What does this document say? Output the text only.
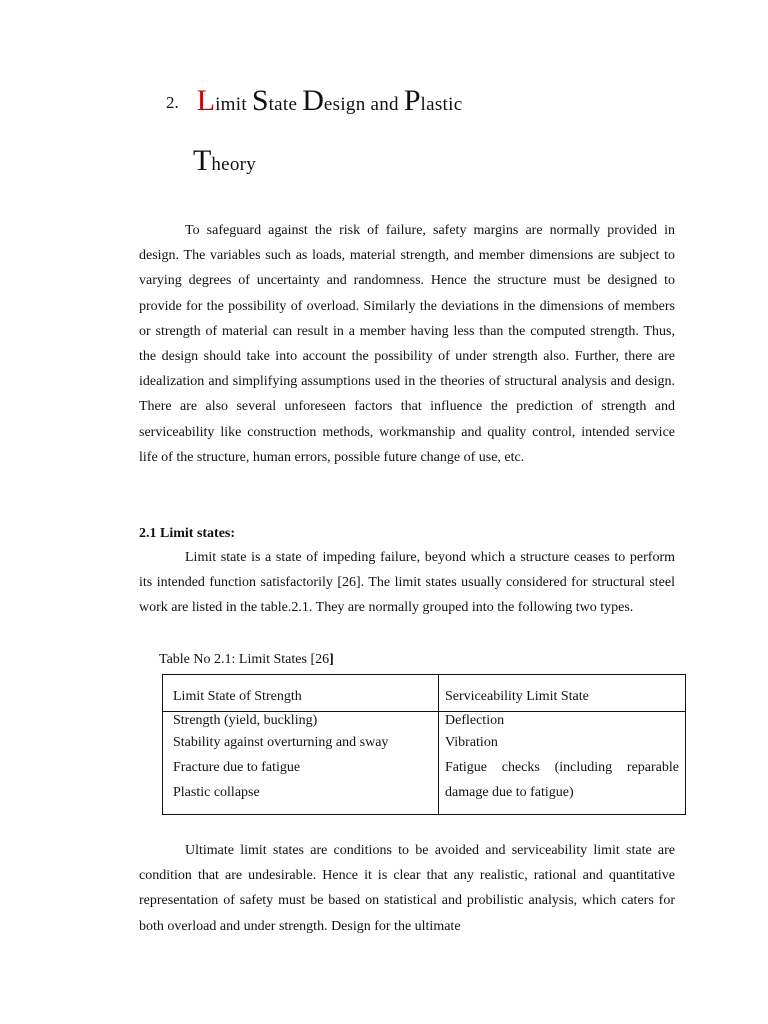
2. Limit State Design and Plastic
Theory

To safeguard against the risk of failure, safety margins are normally provided in design. The variables such as loads, material strength, and member dimensions are subject to varying degrees of uncertainty and randomness. Hence the structure must be designed to provide for the possibility of overload. Similarly the deviations in the dimensions of members or strength of material can result in a member having less than the computed strength. Thus, the design should take into account the possibility of under strength also. Further, there are idealization and simplifying assumptions used in the theories of structural analysis and design. There are also several unforeseen factors that influence the prediction of strength and serviceability like construction methods, workmanship and quality control, intended service life of the structure, human errors, possible future change of use, etc.

2.1 Limit states:

Limit state is a state of impeding failure, beyond which a structure ceases to perform its intended function satisfactorily [26]. The limit states usually considered for structural steel work are listed in the table.2.1. They are normally grouped into the following two types.

Table No 2.1: Limit States [26]
Limit State of Strength
Strength (yield, buckling)
Stability against overturning and sway
Fracture due to fatigue
Plastic collapse
Serviceability Limit State
Deflection
Vibration
Fatigue checks (including reparable damage due to fatigue)

Ultimate limit states are conditions to be avoided and serviceability limit state are condition that are undesirable. Hence it is clear that any realistic, rational and quantitative representation of safety must be based on statistical and probilistic analysis, which caters for both overload and under strength. Design for the ultimate
